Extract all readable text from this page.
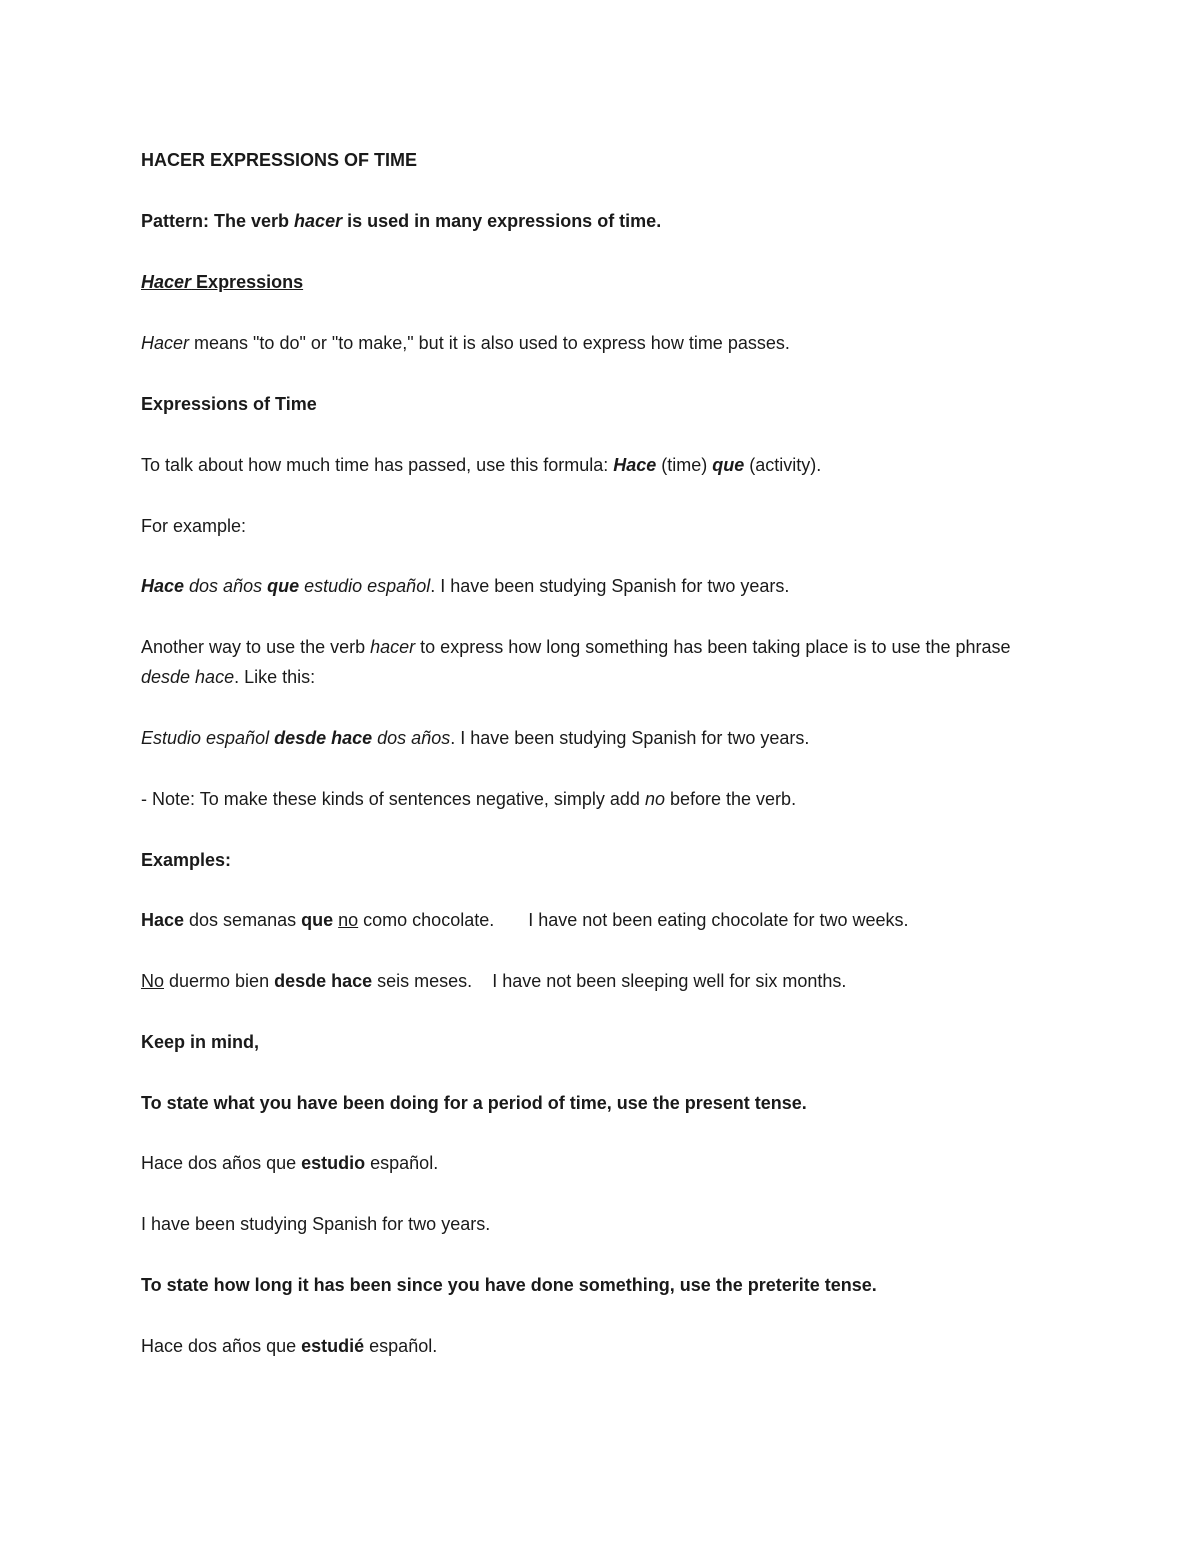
HACER EXPRESSIONS OF TIME

Pattern: The verb hacer is used in many expressions of time.

Hacer Expressions

Hacer means "to do" or "to make," but it is also used to express how time passes.

Expressions of Time

To talk about how much time has passed, use this formula: Hace (time) que (activity).

For example:

Hace dos años que estudio español. I have been studying Spanish for two years.

Another way to use the verb hacer to express how long something has been taking place is to use the phrase desde hace. Like this:

Estudio español desde hace dos años. I have been studying Spanish for two years.

- Note: To make these kinds of sentences negative, simply add no before the verb.

Examples:

Hace dos semanas que no como chocolate. I have not been eating chocolate for two weeks.

No duermo bien desde hace seis meses. I have not been sleeping well for six months.

Keep in mind,

To state what you have been doing for a period of time, use the present tense.

Hace dos años que estudio español.

I have been studying Spanish for two years.

To state how long it has been since you have done something, use the preterite tense.

Hace dos años que estudié español.
